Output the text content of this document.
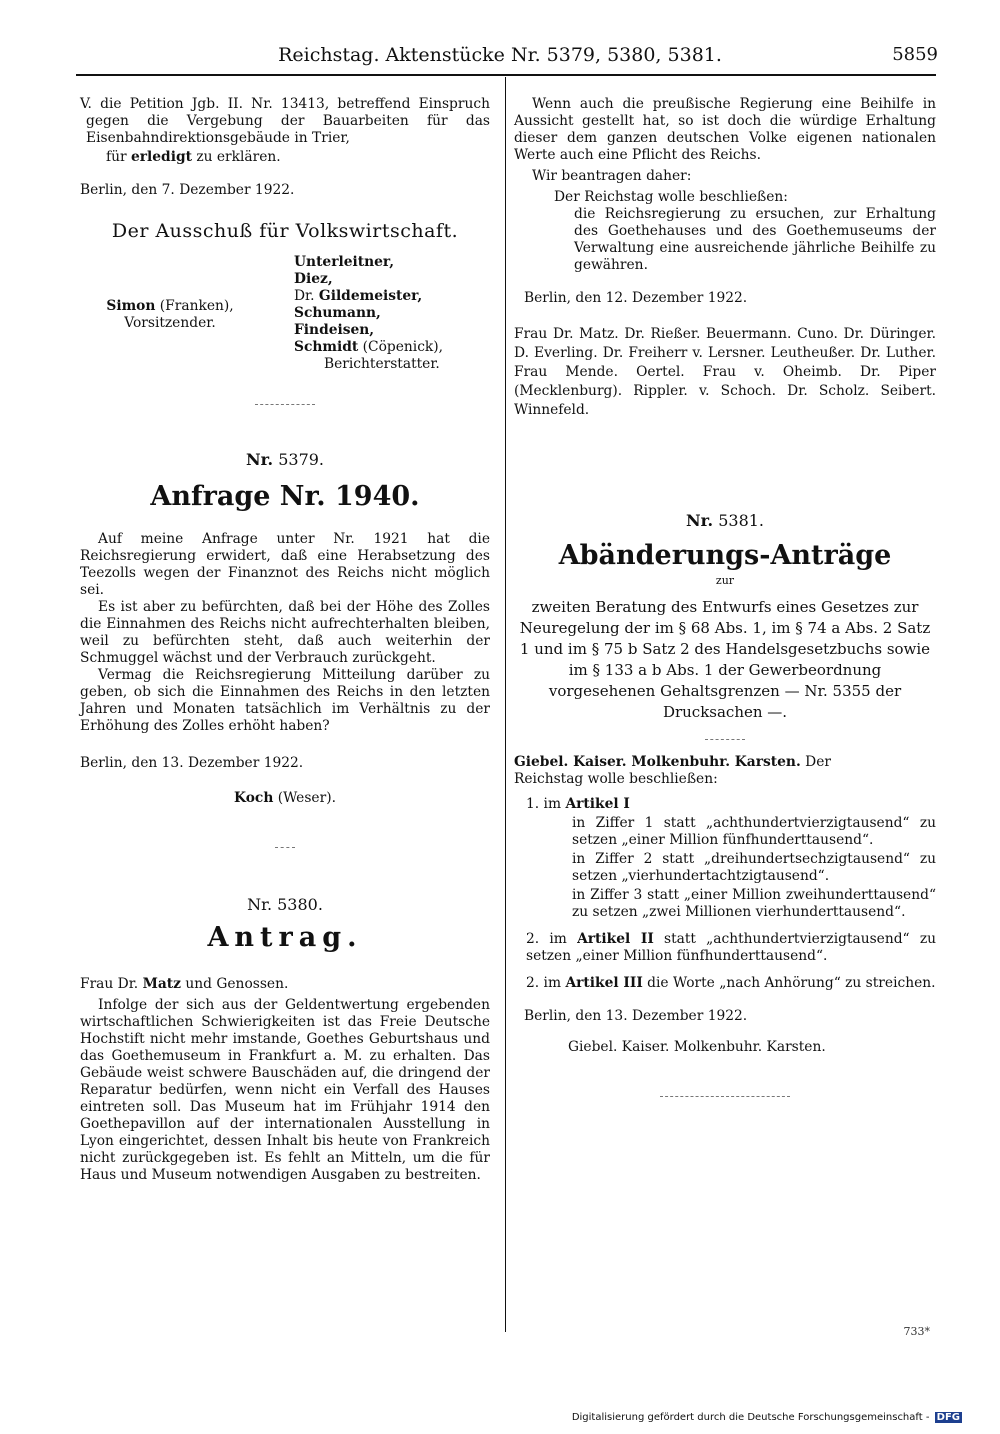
Reichstag. Aktenstücke Nr. 5379, 5380, 5381.	5859

V. die Petition Jgb. II. Nr. 13413, betreffend Einspruch gegen die Vergebung der Bauarbeiten für das Eisenbahndirektionsgebäude in Trier,

für erledigt zu erklären.

Berlin, den 7. Dezember 1922.

Der Ausschuß für Volkswirtschaft.

Simon (Franken),
Vorsitzender.
Unterleitner,
Diez,
Dr. Gildemeister,
Schumann,
Findeisen,
Schmidt (Cöpenick),
Berichterstatter.

Nr. 5379.

Anfrage Nr. 1940.

Auf meine Anfrage unter Nr. 1921 hat die Reichsregierung erwidert, daß eine Herabsetzung des Teezolls wegen der Finanznot des Reichs nicht möglich sei.

Es ist aber zu befürchten, daß bei der Höhe des Zolles die Einnahmen des Reichs nicht aufrechterhalten bleiben, weil zu befürchten steht, daß auch weiterhin der Schmuggel wächst und der Verbrauch zurückgeht.

Vermag die Reichsregierung Mitteilung darüber zu geben, ob sich die Einnahmen des Reichs in den letzten Jahren und Monaten tatsächlich im Verhältnis zu der Erhöhung des Zolles erhöht haben?

Berlin, den 13. Dezember 1922.

Koch (Weser).

Nr. 5380.

Antrag.

Frau Dr. Matz und Genossen.

Infolge der sich aus der Geldentwertung ergebenden wirtschaftlichen Schwierigkeiten ist das Freie Deutsche Hochstift nicht mehr imstande, Goethes Geburtshaus und das Goethemuseum in Frankfurt a. M. zu erhalten. Das Gebäude weist schwere Bauschäden auf, die dringend der Reparatur bedürfen, wenn nicht ein Verfall des Hauses eintreten soll. Das Museum hat im Frühjahr 1914 den Goethepavillon auf der internationalen Ausstellung in Lyon eingerichtet, dessen Inhalt bis heute von Frankreich nicht zurückgegeben ist. Es fehlt an Mitteln, um die für Haus und Museum notwendigen Ausgaben zu bestreiten.

Wenn auch die preußische Regierung eine Beihilfe in Aussicht gestellt hat, so ist doch die würdige Erhaltung dieser dem ganzen deutschen Volke eigenen nationalen Werte auch eine Pflicht des Reichs.

Wir beantragen daher:

Der Reichstag wolle beschließen:

die Reichsregierung zu ersuchen, zur Erhaltung des Goethehauses und des Goethemuseums der Verwaltung eine ausreichende jährliche Beihilfe zu gewähren.

Berlin, den 12. Dezember 1922.

Frau Dr. Matz. Dr. Rießer. Beuermann. Cuno. Dr. Düringer. D. Everling. Dr. Freiherr v. Lersner. Leutheußer. Dr. Luther. Frau Mende. Oertel. Frau v. Oheimb. Dr. Piper (Mecklenburg). Rippler. v. Schoch. Dr. Scholz. Seibert. Winnefeld.

Nr. 5381.

Abänderungs-Anträge

zur

zweiten Beratung des Entwurfs eines Gesetzes zur Neuregelung der im § 68 Abs. 1, im § 74 a Abs. 2 Satz 1 und im § 75 b Satz 2 des Handelsgesetzbuchs sowie im § 133 a b Abs. 1 der Gewerbeordnung vorgesehenen Gehaltsgrenzen — Nr. 5355 der Drucksachen —.

Giebel. Kaiser. Molkenbuhr. Karsten. Der

Reichstag wolle beschließen:

1. im Artikel I

in Ziffer 1 statt „achthundertvierzigtausend“ zu setzen „einer Million fünfhunderttausend“.

in Ziffer 2 statt „dreihundertsechzigtausend“ zu setzen „vierhundertachtzigtausend“.

in Ziffer 3 statt „einer Million zweihunderttausend“ zu setzen „zwei Millionen vierhunderttausend“.

2. im Artikel II statt „achthundertvierzigtausend“ zu setzen „einer Million fünfhunderttausend“.

2. im Artikel III die Worte „nach Anhörung“ zu streichen.

Berlin, den 13. Dezember 1922.

Giebel. Kaiser. Molkenbuhr. Karsten.

733*
Digitalisierung gefördert durch die Deutsche Forschungsgemeinschaft - DFG
